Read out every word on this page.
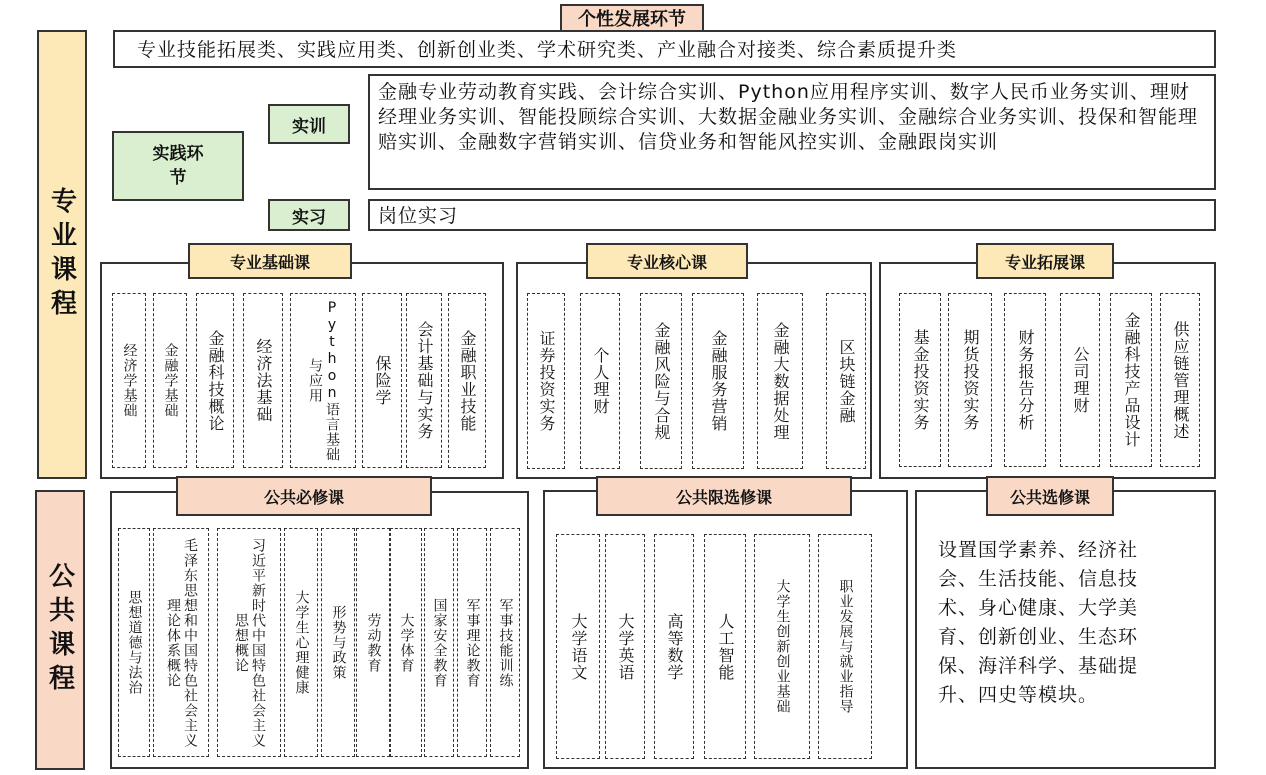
个性发展环节
专业技能拓展类、实践应用类、创新创业类、学术研究类、产业融合对接类、综合素质提升类
专业课程
公共课程
实践环节
实训
金融专业劳动教育实践、会计综合实训、Python应用程序实训、数字人民币业务实训、理财经理业务实训、智能投顾综合实训、大数据金融业务实训、金融综合业务实训、投保和智能理赔实训、金融数字营销实训、信贷业务和智能风控实训、金融跟岗实训
实习	岗位实习
专业基础课
经济学基础 金融学基础 金融科技概论 经济法基础	Python语言基础与应用	保险学 会计基础与实务 金融职业技能
专业核心课
证券投资实务 个人理财	金融风险与合规 金融服务营销	金融大数据处理	区块链金融
专业拓展课
基金投资实务 期货投资实务 财务报告分析 公司理财 金融科技产品设计 供应链管理概述
公共必修课
思想道德与法治	毛泽东思想和中国特色社会主义理论体系概论	习近平新时代中国特色社会主义思想概论	大学生心理健康 形势与政策 劳动教育 大学体育 国家安全教育 军事理论教育 军事技能训练
公共限选修课
大学语文 大学英语 高等数学 人工智能	大学生创新创业基础	职业发展与就业指导
公共选修课
设置国学素养、经济社会、生活技能、信息技术、身心健康、大学美育、创新创业、生态环保、海洋科学、基础提升、四史等模块。
